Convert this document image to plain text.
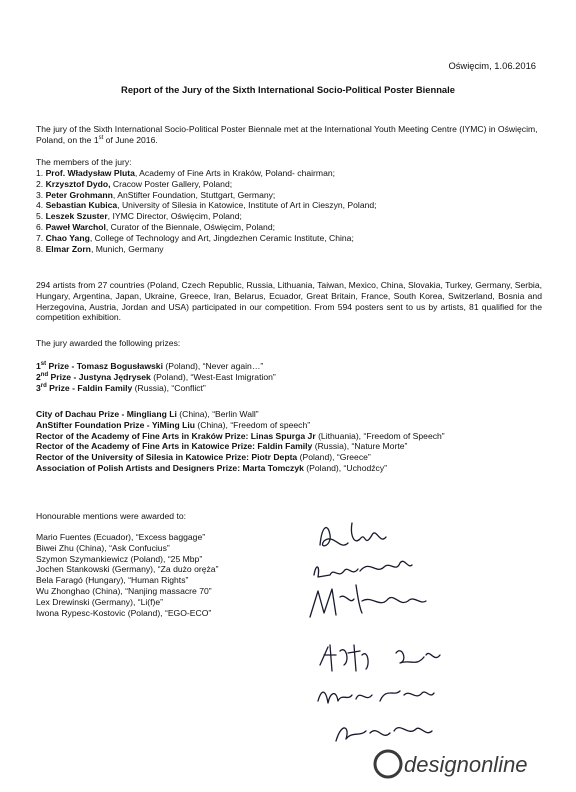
Oświęcim, 1.06.2016
Report of the Jury of the Sixth International Socio-Political Poster Biennale
The jury of the Sixth International Socio-Political Poster Biennale met at the International Youth Meeting Centre (IYMC) in Oświęcim, Poland, on the 1st of June 2016.
The members of the jury:
1. Prof. Władysław Pluta, Academy of Fine Arts in Kraków, Poland- chairman;
2. Krzysztof Dydo, Cracow Poster Gallery, Poland;
3. Peter Grohmann, AnStifter Foundation, Stuttgart, Germany;
4. Sebastian Kubica, University of Silesia in Katowice, Institute of Art in Cieszyn, Poland;
5. Leszek Szuster, IYMC Director, Oświęcim, Poland;
6. Paweł Warchol, Curator of the Biennale, Oświęcim, Poland;
7. Chao Yang, College of Technology and Art, Jingdezhen Ceramic Institute, China;
8. Elmar Zorn, Munich, Germany
294 artists from 27 countries (Poland, Czech Republic, Russia, Lithuania, Taiwan, Mexico, China, Slovakia, Turkey, Germany, Serbia, Hungary, Argentina, Japan, Ukraine, Greece, Iran, Belarus, Ecuador, Great Britain, France, South Korea, Switzerland, Bosnia and Herzegovina, Austria, Jordan and USA) participated in our competition. From 594 posters sent to us by artists, 81 qualified for the competition exhibition.
The jury awarded the following prizes:
1st Prize - Tomasz Bogusławski (Poland), “Never again…”
2nd Prize - Justyna Jędrysek (Poland), “West-East Imigration”
3rd Prize - Faldin Family (Russia), “Conflict”
City of Dachau Prize - Mingliang Li (China), “Berlin Wall”
AnStifter Foundation Prize - YiMing Liu (China), “Freedom of speech”
Rector of the Academy of Fine Arts in Kraków Prize: Linas Spurga Jr (Lithuania), “Freedom of Speech”
Rector of the Academy of Fine Arts in Katowice Prize: Faldin Family (Russia), “Nature Morte”
Rector of the University of Silesia in Katowice Prize: Piotr Depta (Poland), “Greece”
Association of Polish Artists and Designers Prize: Marta Tomczyk (Poland), “Uchodźcy”
Honourable mentions were awarded to:
Mario Fuentes (Ecuador), “Excess baggage”
Biwei Zhu (China), “Ask Confucius”
Szymon Szymankiewicz (Poland), “25 Mbp”
Jochen Stankowski (Germany), “Za dużo oręża”
Bela Faragó (Hungary), “Human Rights”
Wu Zhonghao (China), “Nanjing massacre 70”
Lex Drewinski (Germany), “Li(f)e”
Iwona Rypesc-Kostovic (Poland), “EGO-ECO”
designonline
